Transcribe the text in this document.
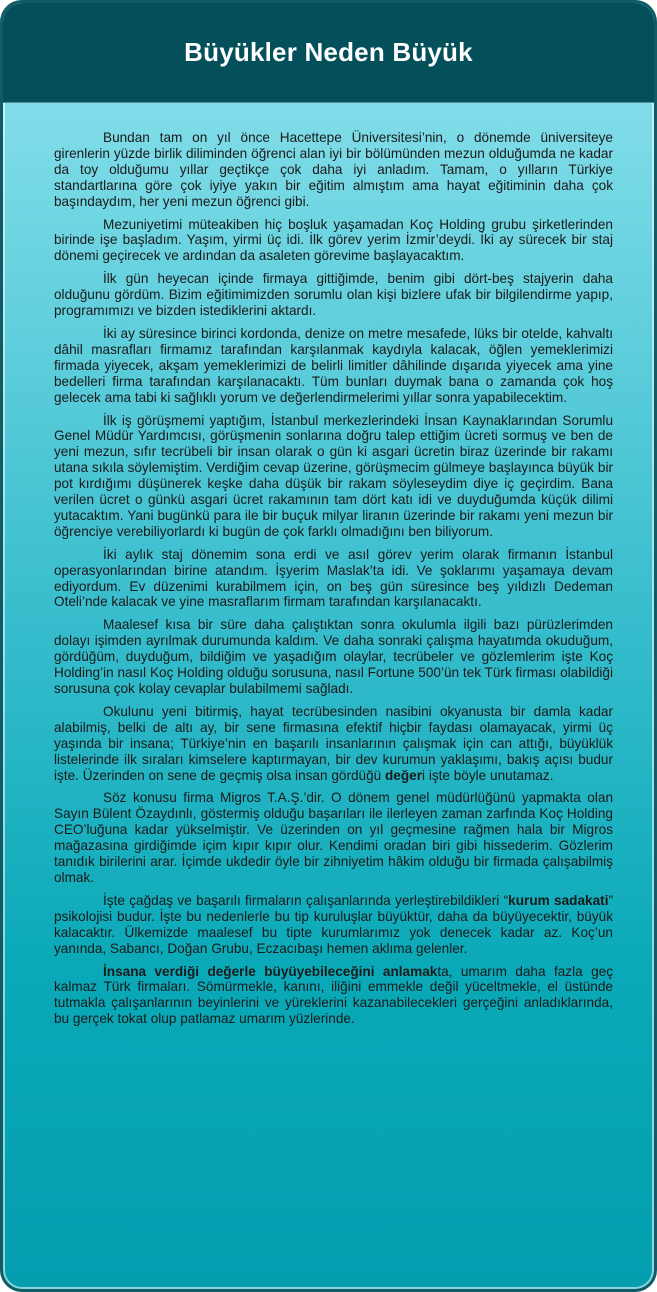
Büyükler Neden Büyük

Bundan tam on yıl önce Hacettepe Üniversitesi’nin, o dönemde üniversiteye girenlerin yüzde birlik diliminden öğrenci alan iyi bir bölümünden mezun olduğumda ne kadar da toy olduğumu yıllar geçtikçe çok daha iyi anladım. Tamam, o yılların Türkiye standartlarına göre çok iyiye yakın bir eğitim almıştım ama hayat eğitiminin daha çok başındaydım, her yeni mezun öğrenci gibi.

Mezuniyetimi müteakiben hiç boşluk yaşamadan Koç Holding grubu şirketlerinden birinde işe başladım. Yaşım, yirmi üç idi. İlk görev yerim İzmir’deydi. İki ay sürecek bir staj dönemi geçirecek ve ardından da asaleten görevime başlayacaktım.

İlk gün heyecan içinde firmaya gittiğimde, benim gibi dört-beş stajyerin daha olduğunu gördüm. Bizim eğitimimizden sorumlu olan kişi bizlere ufak bir bilgilendirme yapıp, programımızı ve bizden istediklerini aktardı.

İki ay süresince birinci kordonda, denize on metre mesafede, lüks bir otelde, kahvaltı dâhil masrafları firmamız tarafından karşılanmak kaydıyla kalacak, öğlen yemeklerimizi firmada yiyecek, akşam yemeklerimizi de belirli limitler dâhilinde dışarıda yiyecek ama yine bedelleri firma tarafından karşılanacaktı. Tüm bunları duymak bana o zamanda çok hoş gelecek ama tabi ki sağlıklı yorum ve değerlendirmelerimi yıllar sonra yapabilecektim.

İlk iş görüşmemi yaptığım, İstanbul merkezlerindeki İnsan Kaynaklarından Sorumlu Genel Müdür Yardımcısı, görüşmenin sonlarına doğru talep ettiğim ücreti sormuş ve ben de yeni mezun, sıfır tecrübeli bir insan olarak o gün ki asgari ücretin biraz üzerinde bir rakamı utana sıkıla söylemiştim. Verdiğim cevap üzerine, görüşmecim gülmeye başlayınca büyük bir pot kırdığımı düşünerek keşke daha düşük bir rakam söyleseydim diye iç geçirdim. Bana verilen ücret o günkü asgari ücret rakamının tam dört katı idi ve duyduğumda küçük dilimi yutacaktım. Yani bugünkü para ile bir buçuk milyar liranın üzerinde bir rakamı yeni mezun bir öğrenciye verebiliyorlardı ki bugün de çok farklı olmadığını ben biliyorum.

İki aylık staj dönemim sona erdi ve asıl görev yerim olarak firmanın İstanbul operasyonlarından birine atandım. İşyerim Maslak’ta idi. Ve şoklarımı yaşamaya devam ediyordum. Ev düzenimi kurabilmem için, on beş gün süresince beş yıldızlı Dedeman Oteli’nde kalacak ve yine masraflarım firmam tarafından karşılanacaktı.

Maalesef kısa bir süre daha çalıştıktan sonra okulumla ilgili bazı pürüzlerimden dolayı işimden ayrılmak durumunda kaldım. Ve daha sonraki çalışma hayatımda okuduğum, gördüğüm, duyduğum, bildiğim ve yaşadığım olaylar, tecrübeler ve gözlemlerim işte Koç Holding’in nasıl Koç Holding olduğu sorusuna, nasıl Fortune 500’ün tek Türk firması olabildiği sorusuna çok kolay cevaplar bulabilmemi sağladı.

Okulunu yeni bitirmiş, hayat tecrübesinden nasibini okyanusta bir damla kadar alabilmiş, belki de altı ay, bir sene firmasına efektif hiçbir faydası olamayacak, yirmi üç yaşında bir insana; Türkiye’nin en başarılı insanlarının çalışmak için can attığı, büyüklük listelerinde ilk sıraları kimselere kaptırmayan, bir dev kurumun yaklaşımı, bakış açısı budur işte. Üzerinden on sene de geçmiş olsa insan gördüğü değeri işte böyle unutamaz.

Söz konusu firma Migros T.A.Ş.’dir. O dönem genel müdürlüğünü yapmakta olan Sayın Bülent Özaydınlı, göstermiş olduğu başarıları ile ilerleyen zaman zarfında Koç Holding CEO’luğuna kadar yükselmiştir. Ve üzerinden on yıl geçmesine rağmen hala bir Migros mağazasına girdiğimde içim kıpır kıpır olur. Kendimi oradan biri gibi hissederim. Gözlerim tanıdık birilerini arar. İçimde ukdedir öyle bir zihniyetim hâkim olduğu bir firmada çalışabilmiş olmak.

İşte çağdaş ve başarılı firmaların çalışanlarında yerleştirebildikleri “kurum sadakati” psikolojisi budur. İşte bu nedenlerle bu tip kuruluşlar büyüktür, daha da büyüyecektir, büyük kalacaktır. Ülkemizde maalesef bu tipte kurumlarımız yok denecek kadar az. Koç’un yanında, Sabancı, Doğan Grubu, Eczacıbaşı hemen aklıma gelenler.

İnsana verdiği değerle büyüyebileceğini anlamakta, umarım daha fazla geç kalmaz Türk firmaları. Sömürmekle, kanını, iliğini emmekle değil yüceltmekle, el üstünde tutmakla çalışanlarının beyinlerini ve yüreklerini kazanabilecekleri gerçeğini anladıklarında, bu gerçek tokat olup patlamaz umarım yüzlerinde.
